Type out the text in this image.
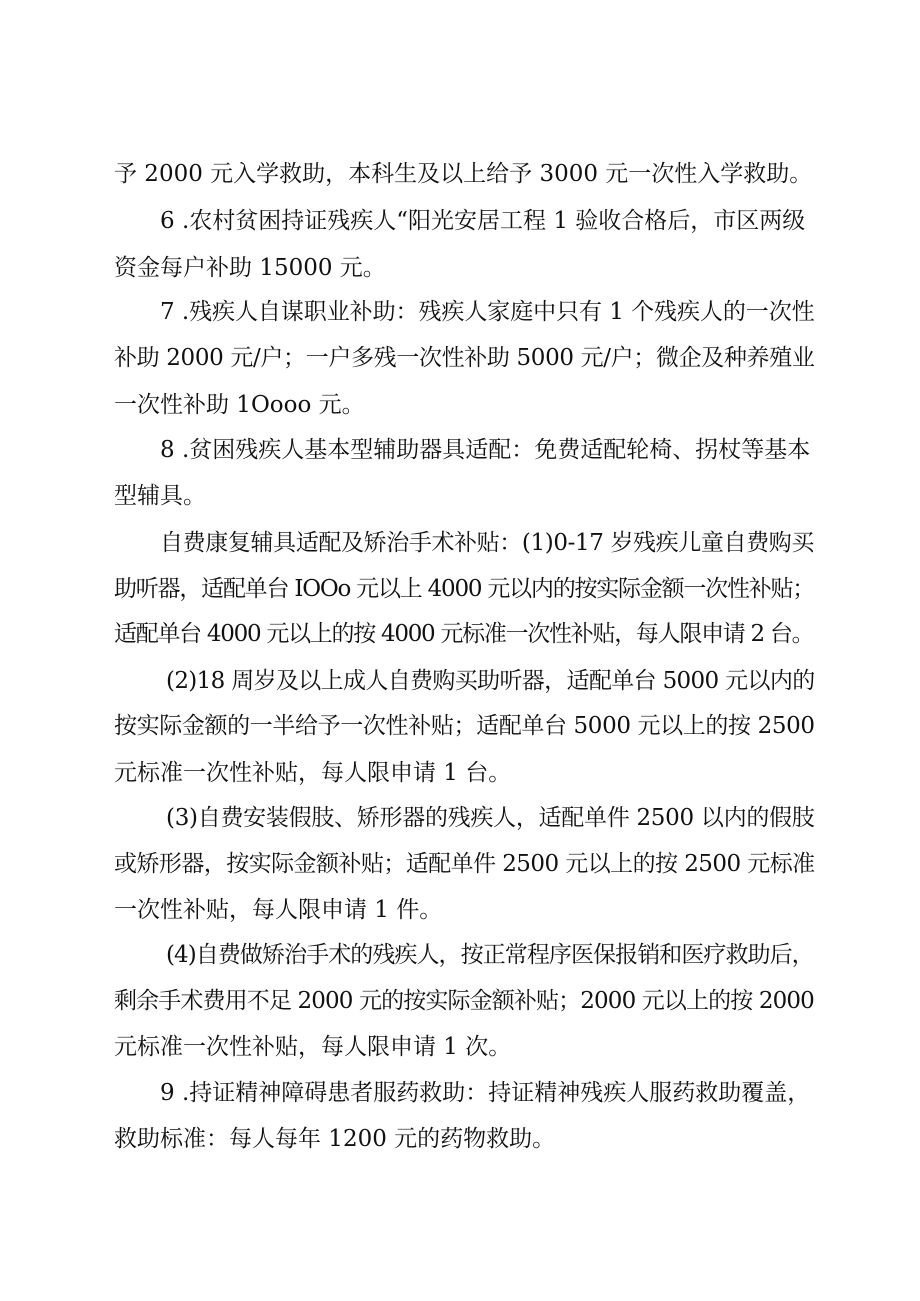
予 2000 元入学救助，本科生及以上给予 3000 元一次性入学救助。
6 .农村贫困持证残疾人“阳光安居工程 1 验收合格后，市区两级
资金每户补助 15000 元。
7 .残疾人自谋职业补助：残疾人家庭中只有 1 个残疾人的一次性
补助 2000 元/户；一户多残一次性补助 5000 元/户；微企及种养殖业
一次性补助 1Oooo 元。
8 .贫困残疾人基本型辅助器具适配：免费适配轮椅、拐杖等基本
型辅具。
自费康复辅具适配及矫治手术补贴：(1)0-17 岁残疾儿童自费购买
助听器，适配单台 IOOo 元以上 4000 元以内的按实际金额一次性补贴；
适配单台 4000 元以上的按 4000 元标准一次性补贴，每人限申请 2 台。
(2)18 周岁及以上成人自费购买助听器，适配单台 5000 元以内的
按实际金额的一半给予一次性补贴；适配单台 5000 元以上的按 2500
元标准一次性补贴，每人限申请 1 台。
(3)自费安装假肢、矫形器的残疾人，适配单件 2500 以内的假肢
或矫形器，按实际金额补贴；适配单件 2500 元以上的按 2500 元标准
一次性补贴，每人限申请 1 件。
(4)自费做矫治手术的残疾人，按正常程序医保报销和医疗救助后，
剩余手术费用不足 2000 元的按实际金额补贴；2000 元以上的按 2000
元标准一次性补贴，每人限申请 1 次。
9 .持证精神障碍患者服药救助：持证精神残疾人服药救助覆盖，
救助标准：每人每年 1200 元的药物救助。
